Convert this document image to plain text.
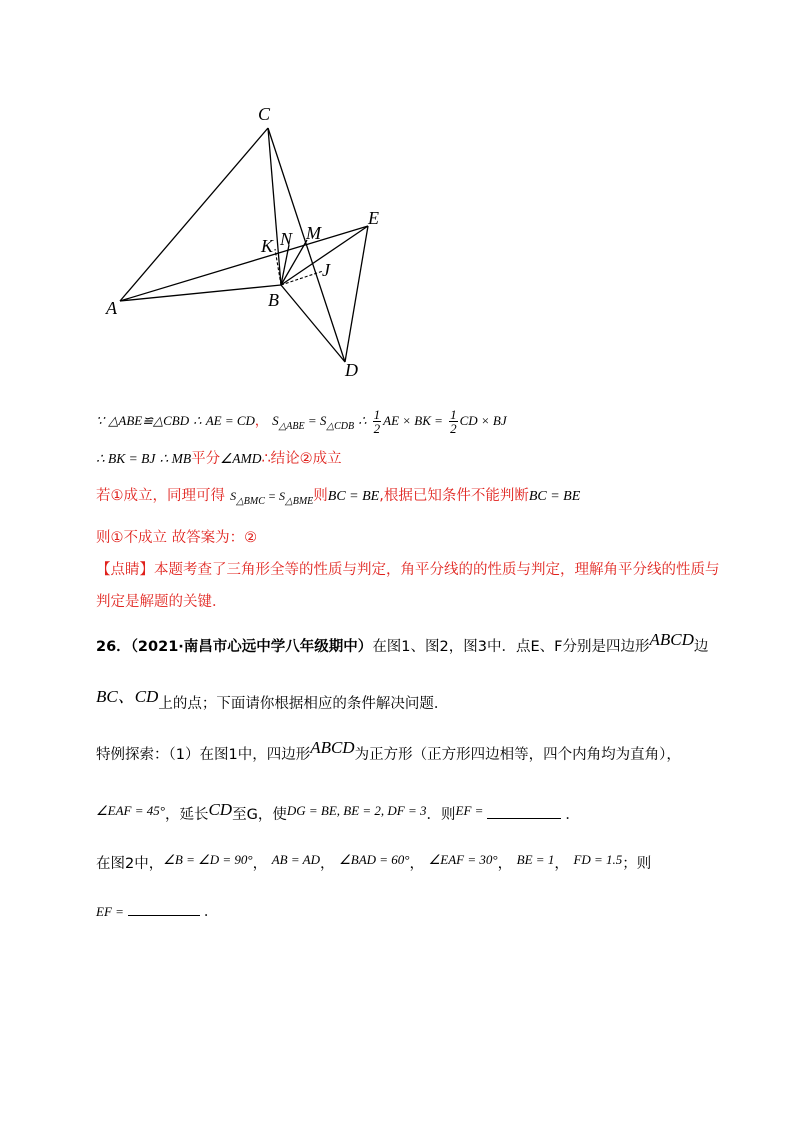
C
E
K N M
J
A	B
D
∵ △ABE≌△CBD ∴ AE = CD， $S_{\triangle ABE} = S_{\triangle CDB}$ ∴ $\frac{1}{2}$ AE × BK = $\frac{1}{2}$ CD × BJ
∴ BK = BJ ∴ MB平分∠AMD∴结论②成立
若①成立，同理可得 $S_{\triangle BMC} = S_{\triangle BME}$则BC = BE,根据已知条件不能判断BC = BE
则①不成立 故答案为：②
【点睛】本题考查了三角形全等的性质与判定，角平分线的的性质与判定，理解角平分线的性质与
判定是解题的关键．
26．（2021·南昌市心远中学八年级期中）在图1、图2，图3中．点E、F分别是四边形ABCD边
BC、CD上的点；下面请你根据相应的条件解决问题．
特例探索：（1）在图1中，四边形ABCD为正方形（正方形四边相等，四个内角均为直角），
∠EAF = 45°，延长CD至G，使DG = BE, BE = 2, DF = 3．则EF =	．
在图2中，∠B = ∠D = 90°， AB = AD， ∠BAD = 60°， ∠EAF = 30°， BE = 1， FD = 1.5；则
EF =	．
